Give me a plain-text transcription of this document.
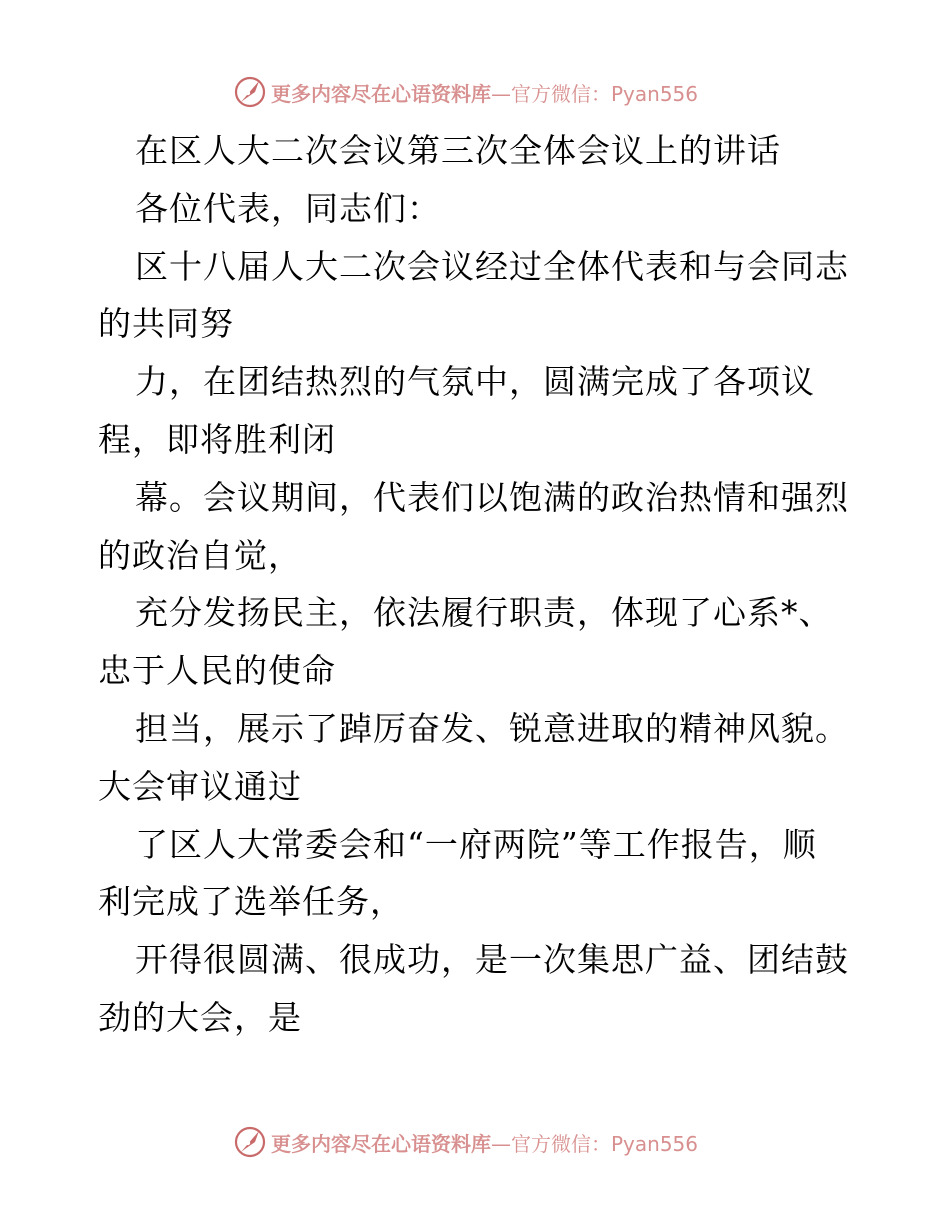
更多内容尽在心语资料库 —官方微信：Pyan556
在区人大二次会议第三次全体会议上的讲话
各位代表，同志们：
区十八届人大二次会议经过全体代表和与会同志
的共同努
力，在团结热烈的气氛中，圆满完成了各项议
程，即将胜利闭
幕。会议期间，代表们以饱满的政治热情和强烈
的政治自觉，
充分发扬民主，依法履行职责，体现了心系*、
忠于人民的使命
担当，展示了踔厉奋发、锐意进取的精神风貌。
大会审议通过
了区人大常委会和“一府两院”等工作报告，顺
利完成了选举任务，
开得很圆满、很成功，是一次集思广益、团结鼓
劲的大会，是
更多内容尽在心语资料库 —官方微信：Pyan556
